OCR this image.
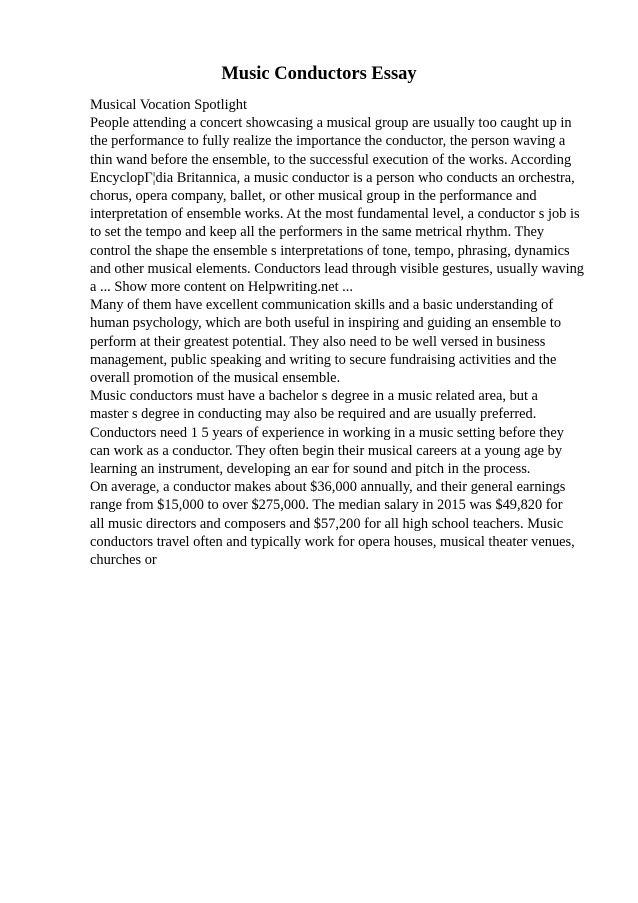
Music Conductors Essay
Musical Vocation Spotlight
People attending a concert showcasing a musical group are usually too caught up in
the performance to fully realize the importance the conductor, the person waving a
thin wand before the ensemble, to the successful execution of the works. According
EncyclopГ¦dia Britannica, a music conductor is a person who conducts an orchestra,
chorus, opera company, ballet, or other musical group in the performance and
interpretation of ensemble works. At the most fundamental level, a conductor s job is
to set the tempo and keep all the performers in the same metrical rhythm. They
control the shape the ensemble s interpretations of tone, tempo, phrasing, dynamics
and other musical elements. Conductors lead through visible gestures, usually waving
a ... Show more content on Helpwriting.net ...
Many of them have excellent communication skills and a basic understanding of
human psychology, which are both useful in inspiring and guiding an ensemble to
perform at their greatest potential. They also need to be well versed in business
management, public speaking and writing to secure fundraising activities and the
overall promotion of the musical ensemble.
Music conductors must have a bachelor s degree in a music related area, but a
master s degree in conducting may also be required and are usually preferred.
Conductors need 1 5 years of experience in working in a music setting before they
can work as a conductor. They often begin their musical careers at a young age by
learning an instrument, developing an ear for sound and pitch in the process.
On average, a conductor makes about $36,000 annually, and their general earnings
range from $15,000 to over $275,000. The median salary in 2015 was $49,820 for
all music directors and composers and $57,200 for all high school teachers. Music
conductors travel often and typically work for opera houses, musical theater venues,
churches or
